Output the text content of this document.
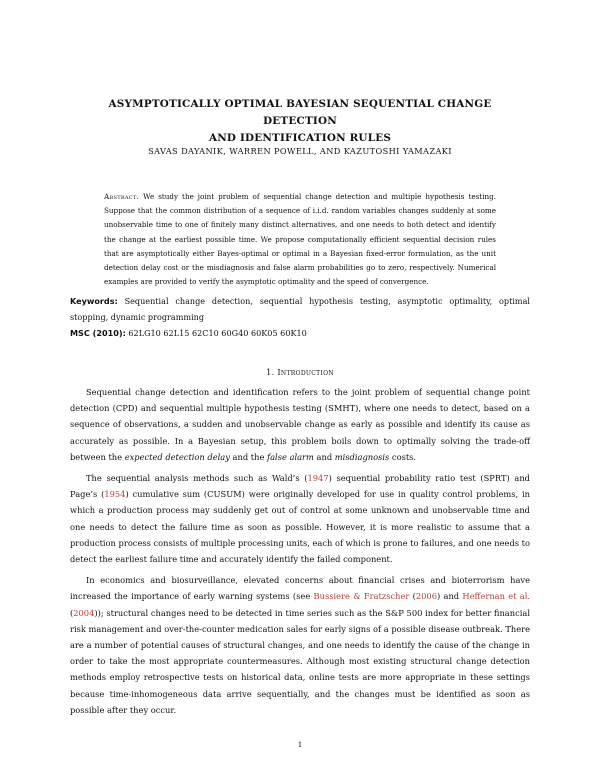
ASYMPTOTICALLY OPTIMAL BAYESIAN SEQUENTIAL CHANGE DETECTION
AND IDENTIFICATION RULES
SAVAS DAYANIK, WARREN POWELL, AND KAZUTOSHI YAMAZAKI
Abstract. We study the joint problem of sequential change detection and multiple hypothesis testing. Suppose that the common distribution of a sequence of i.i.d. random variables changes suddenly at some unobservable time to one of finitely many distinct alternatives, and one needs to both detect and identify the change at the earliest possible time. We propose computationally efficient sequential decision rules that are asymptotically either Bayes-optimal or optimal in a Bayesian fixed-error formulation, as the unit detection delay cost or the misdiagnosis and false alarm probabilities go to zero, respectively. Numerical examples are provided to verify the asymptotic optimality and the speed of convergence.
Keywords: Sequential change detection, sequential hypothesis testing, asymptotic optimality, optimal stopping, dynamic programming
MSC (2010): 62LG10 62L15 62C10 60G40 60K05 60K10
1. Introduction

Sequential change detection and identification refers to the joint problem of sequential change point detection (CPD) and sequential multiple hypothesis testing (SMHT), where one needs to detect, based on a sequence of observations, a sudden and unobservable change as early as possible and identify its cause as accurately as possible. In a Bayesian setup, this problem boils down to optimally solving the trade-off between the expected detection delay and the false alarm and misdiagnosis costs.

The sequential analysis methods such as Wald’s (1947) sequential probability ratio test (SPRT) and Page’s (1954) cumulative sum (CUSUM) were originally developed for use in quality control problems, in which a production process may suddenly get out of control at some unknown and unobservable time and one needs to detect the failure time as soon as possible. However, it is more realistic to assume that a production process consists of multiple processing units, each of which is prone to failures, and one needs to detect the earliest failure time and accurately identify the failed component.

In economics and biosurveillance, elevated concerns about financial crises and bioterrorism have increased the importance of early warning systems (see Bussiere & Fratzscher (2006) and Heffernan et al. (2004)); structural changes need to be detected in time series such as the S&P 500 index for better financial risk management and over-the-counter medication sales for early signs of a possible disease outbreak. There are a number of potential causes of structural changes, and one needs to identify the cause of the change in order to take the most appropriate countermeasures. Although most existing structural change detection methods employ retrospective tests on historical data, online tests are more appropriate in these settings because time-inhomogeneous data arrive sequentially, and the changes must be identified as soon as possible after they occur.

1
